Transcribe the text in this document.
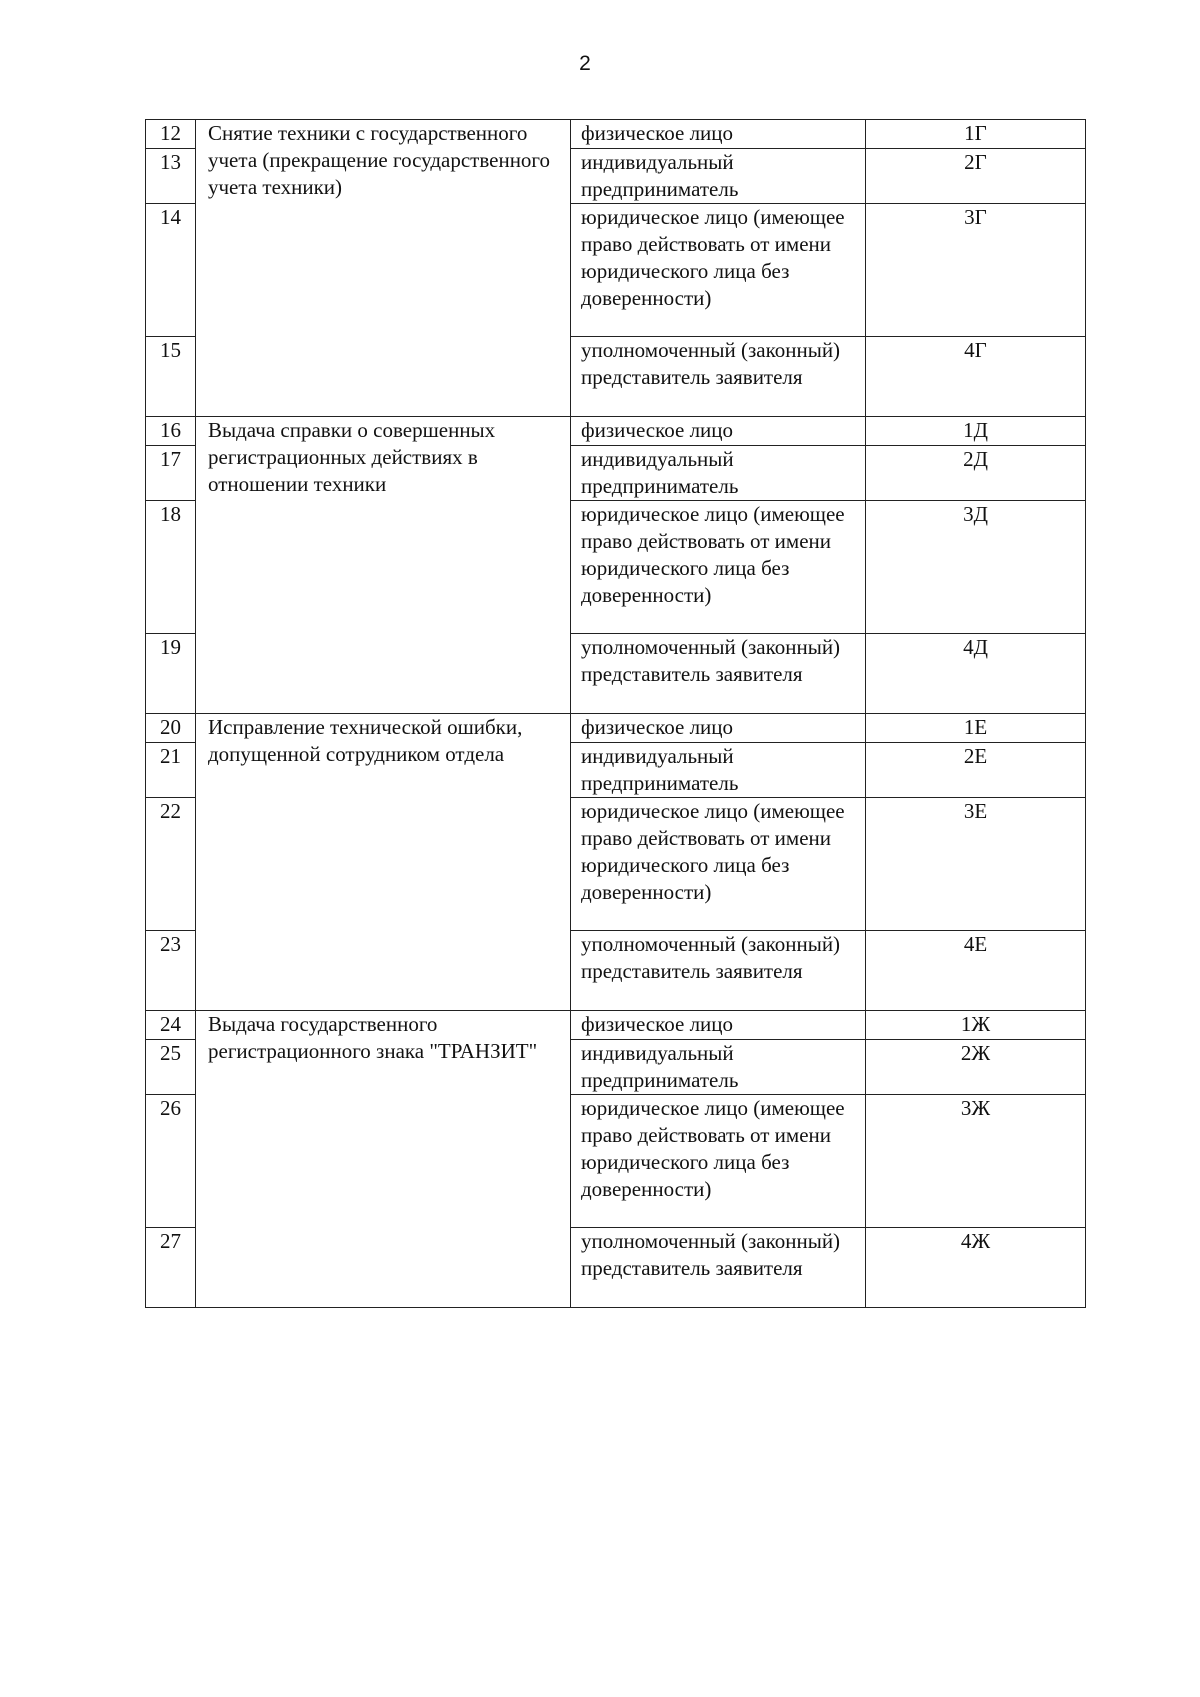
2
12	Снятие техники с государственного учета (прекращение государственного учета техники)	физическое лицо	1Г
13		индивидуальный предприниматель	2Г
14		юридическое лицо (имеющее право действовать от имени юридического лица без доверенности)	3Г
15		уполномоченный (законный) представитель заявителя	4Г
16	Выдача справки о совершенных регистрационных действиях в отношении техники	физическое лицо	1Д
17		индивидуальный предприниматель	2Д
18		юридическое лицо (имеющее право действовать от имени юридического лица без доверенности)	3Д
19		уполномоченный (законный) представитель заявителя	4Д
20	Исправление технической ошибки, допущенной сотрудником отдела	физическое лицо	1Е
21		индивидуальный предприниматель	2Е
22		юридическое лицо (имеющее право действовать от имени юридического лица без доверенности)	3Е
23		уполномоченный (законный) представитель заявителя	4Е
24	Выдача государственного регистрационного знака "ТРАНЗИТ"	физическое лицо	1Ж
25		индивидуальный предприниматель	2Ж
26		юридическое лицо (имеющее право действовать от имени юридического лица без доверенности)	3Ж
27		уполномоченный (законный) представитель заявителя	4Ж
